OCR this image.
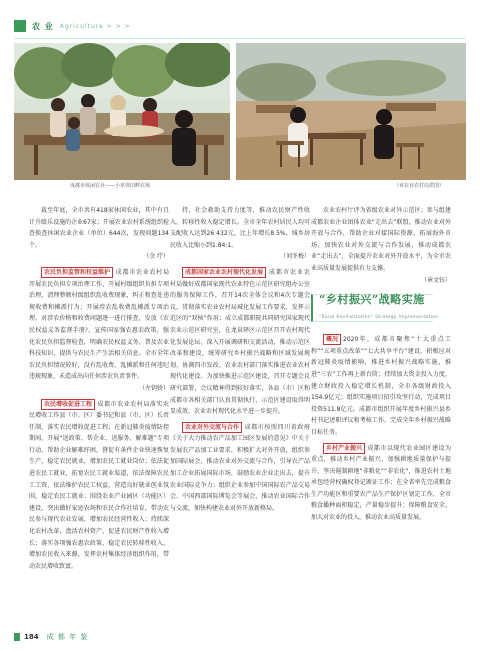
农 业 Agriculture > > >
成都市休闲农业——小草坝田畔农场	（章农业农村局供图）

裁至年底，全市共有418家休闲农业，其中有且计升级乐设施的企业67家；开展农业农村系统组织检查换查休闲农业企业（单位）644次，发现问题134个。
（余 疗）

农民负担监管和权益维护 成都市农业农村局开展农民负担专项治理工作，开展村级组织负担专项治理，清理整顿村级组织乱收费现象，纠正和查处违规收费和摊派行为；开展涉农乱收费乱摊派专项治理，对涉农价格和收费问题逐一进行排查，发放《农民权益义务监督手册》，宣传国家强农惠农政策，强化农民负担监督检查，明确农民权益义务，普及农业科技知识，提供与农民生产生活相关信息。全市全年农民负担情况较好，没有乱收费、乱摊派和任何违纪违规现象，未造成出向任何涉农负责事件。
（左钥娇）

农民增收促进工程 成都市农业农村局落实农民增收工作县（市、区）委书记和县（市、区）长责任制，落实农民增收促进工程；在新冠肺炎疫情防控期间，开展“送政策、帮企业、送服务、解难题”专项行动，帮助企业解难纾困，督促有条件企业快速恢复生产，稳定农民就业，增加农民工就业岗位；依法促进农民工就业，拓宽农民工就业渠道，依法保障农民工工资，依法维护农民工权益，营造良好就业创业氛围，稳定农民工就业；围绕农业产业园区（功能区）建设，突出做好家庭农场和农民合作社培育，带动农民参与现代农业发展，增加农民经营性收入；持续深化农村改革，盘活农村资产，促进农民财产性收入增长；落实各项强农惠农政策，稳定农民转移性收入，增加农民收入来源，发挥农村集体经济组织作用，带动农民增收致富。

持，社会救助支持力度等，推动农民财产性收入，转移性收入稳定增长。全市全年农村居民人均可支配收入达到26 432元，比上年增长8.5%，城乡居民收入比缩小到1.84:1。
（刘冬梅）

成都国家农业农村现代化发展 成都市农业农村局做好成都国家现代农业特色示范区研究组办公室的服务保障工作，召开14次全体会议和4次专题会议，贯彻落实农业农村局城化发展工作要求，发挥示范区的“双核”作用；成立成都职院共同研究国家现代农业示范区研究室，在龙泉驿区示范区召开农村现代化发展论坛，深入开展调研和交流活动，推动示范区改革和建设，统筹研究乡村振兴战略和区域发展规划，协调四市发改、农业农村部门落实推进农业农村现代化建设。为加快推进示范区建设，召开专题会议研究部署，会议精神得到较好落实，各县（市）区和成都市各相关部门认真贯彻执行，示范区建设取得明显成效，农业农村现代化水平进一步提升。

农业对外交流与合作 成都市按照四川省政府《关于大力推动农产品加工园区发展的意见》中关于发展农产品加工业要求，积极扩大对外开放，组织参加国际展会，推动农业对外交流与合作，引导农产品加工企业拓展国际市场，鼓励农业企业走出去，提升农业国际竞争力；组织企业参加中国国际农产品交易会、中国西部国际博览会等展会，推动农业国际合作与交流，加快构建农业对外开放新格局。

农业农村厅评为省级农业对外示范区；参与组建成都农业企业团体农业“走出去”联盟，推动农业对外开放与合作，帮助企业对接国际资源，拓展海外市场，加快农业对外交流与合作发展，推动成都农业“走出去”，全面提升农业对外开放水平，为全市农业高质量发展提供有力支撑。
（章文钰）

“乡村振兴”战略实施
“Rural Revitalization” Strategy Implementation

概况 2020年，成都市聚焦“十大重点工程”“五项重点改革”“七大共享平台”建设，积极应对新冠肺炎疫情影响，推进乡村振兴战略实施，推进“三农”工作再上新台阶；持续加大资金投入力度，建立财政投入稳定增长机制，全市各级财政投入154.9亿元；组织实施项目招引攻坚行动，完成项目投资511.8亿元。成都市组织开展年度乡村振兴县乡村书记述职评议和考核工作，完成全年乡村振兴战略目标任务。

乡村产业振兴 成都市以现代农业园区建设为重点，推动乡村产业振兴，加强耕地质量保护与提升，坚决遏制耕地“非粮化”“非农化”，推进农村土地承包经营权确权登记颁证工作；在全省率先完成粮食生产功能区和重要农产品生产保护区划定工作，全市粮食播种面积稳定，产量稳步提升；保障粮食安全，加大对农业的投入，推动农业高质量发展。

184 成 都 年 鉴
